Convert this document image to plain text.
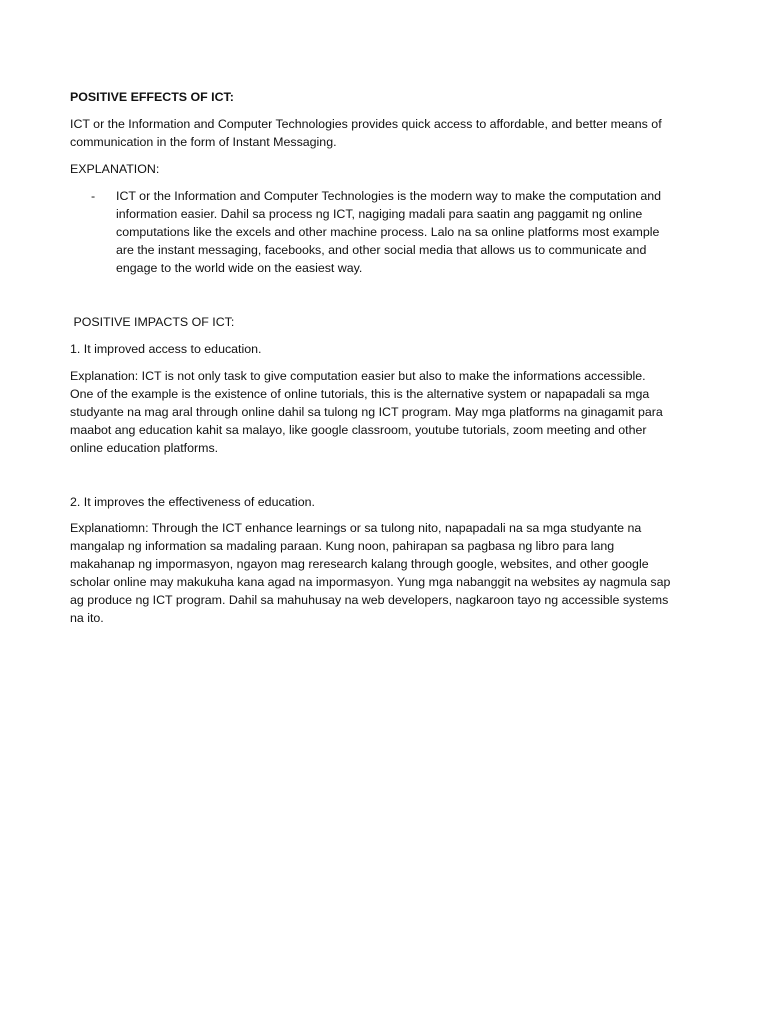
POSITIVE EFFECTS OF ICT:

ICT or the Information and Computer Technologies provides quick access to affordable, and better means of

communication in the form of Instant Messaging.

EXPLANATION:

- ICT or the Information and Computer Technologies is the modern way to make the computation and

information easier. Dahil sa process ng ICT, nagiging madali para saatin ang paggamit ng online

computations like the excels and other machine process. Lalo na sa online platforms most example

are the instant messaging, facebooks, and other social media that allows us to communicate and

engage to the world wide on the easiest way.

POSITIVE IMPACTS OF ICT:

1. It improved access to education.

Explanation: ICT is not only task to give computation easier but also to make the informations accessible.

One of the example is the existence of online tutorials, this is the alternative system or napapadali sa mga

studyante na mag aral through online dahil sa tulong ng ICT program. May mga platforms na ginagamit para

maabot ang education kahit sa malayo, like google classroom, youtube tutorials, zoom meeting and other

online education platforms.

2. It improves the effectiveness of education.

Explanatiomn: Through the ICT enhance learnings or sa tulong nito, napapadali na sa mga studyante na

mangalap ng information sa madaling paraan. Kung noon, pahirapan sa pagbasa ng libro para lang

makahanap ng impormasyon, ngayon mag reresearch kalang through google, websites, and other google

scholar online may makukuha kana agad na impormasyon. Yung mga nabanggit na websites ay nagmula sap

ag produce ng ICT program. Dahil sa mahuhusay na web developers, nagkaroon tayo ng accessible systems

na ito.
